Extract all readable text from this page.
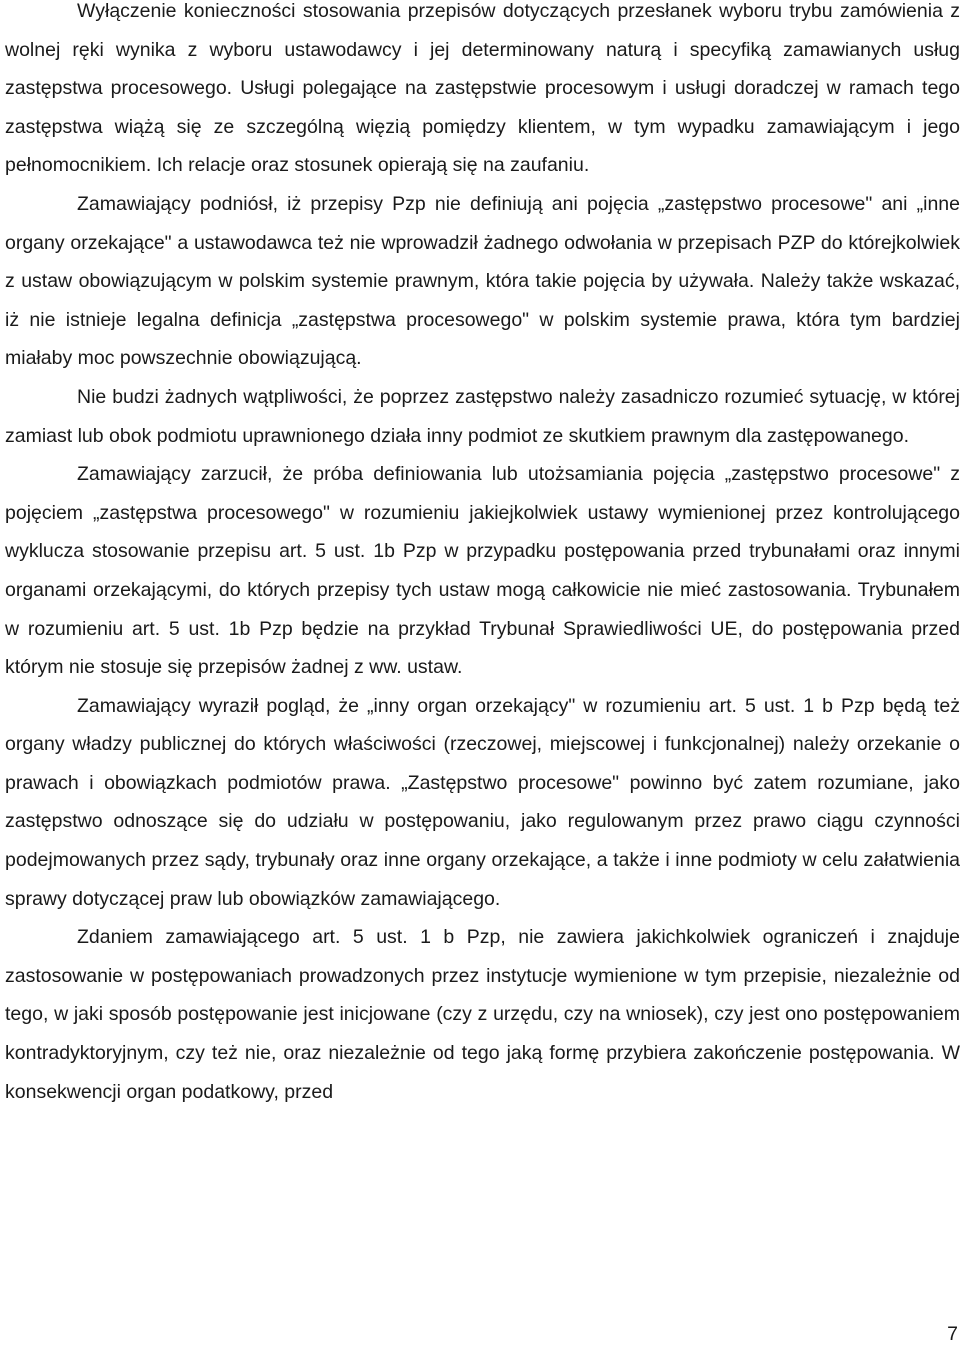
Wyłączenie konieczności stosowania przepisów dotyczących przesłanek wyboru trybu zamówienia z wolnej ręki wynika z wyboru ustawodawcy i jej determinowany naturą i specyfiką zamawianych usług zastępstwa procesowego. Usługi polegające na zastępstwie procesowym i usługi doradczej w ramach tego zastępstwa wiążą się ze szczególną więzią pomiędzy klientem, w tym wypadku zamawiającym i jego pełnomocnikiem. Ich relacje oraz stosunek opierają się na zaufaniu.

Zamawiający podniósł, iż przepisy Pzp nie definiują ani pojęcia „zastępstwo procesowe" ani „inne organy orzekające" a ustawodawca też nie wprowadził żadnego odwołania w przepisach PZP do którejkolwiek z ustaw obowiązującym w polskim systemie prawnym, która takie pojęcia by używała. Należy także wskazać, iż nie istnieje legalna definicja „zastępstwa procesowego" w polskim systemie prawa, która tym bardziej miałaby moc powszechnie obowiązującą.

Nie budzi żadnych wątpliwości, że poprzez zastępstwo należy zasadniczo rozumieć sytuację, w której zamiast lub obok podmiotu uprawnionego działa inny podmiot ze skutkiem prawnym dla zastępowanego.

Zamawiający zarzucił, że próba definiowania lub utożsamiania pojęcia „zastępstwo procesowe" z pojęciem „zastępstwa procesowego" w rozumieniu jakiejkolwiek ustawy wymienionej przez kontrolującego wyklucza stosowanie przepisu art. 5 ust. 1b Pzp w przypadku postępowania przed trybunałami oraz innymi organami orzekającymi, do których przepisy tych ustaw mogą całkowicie nie mieć zastosowania. Trybunałem w rozumieniu art. 5 ust. 1b Pzp będzie na przykład Trybunał Sprawiedliwości UE, do postępowania przed którym nie stosuje się przepisów żadnej z ww. ustaw.

Zamawiający wyraził pogląd, że „inny organ orzekający" w rozumieniu art. 5 ust. 1 b Pzp będą też organy władzy publicznej do których właściwości (rzeczowej, miejscowej i funkcjonalnej) należy orzekanie o prawach i obowiązkach podmiotów prawa. „Zastępstwo procesowe" powinno być zatem rozumiane, jako zastępstwo odnoszące się do udziału w postępowaniu, jako regulowanym przez prawo ciągu czynności podejmowanych przez sądy, trybunały oraz inne organy orzekające, a także i inne podmioty w celu załatwienia sprawy dotyczącej praw lub obowiązków zamawiającego.

Zdaniem zamawiającego art. 5 ust. 1 b Pzp, nie zawiera jakichkolwiek ograniczeń i znajduje zastosowanie w postępowaniach prowadzonych przez instytucje wymienione w tym przepisie, niezależnie od tego, w jaki sposób postępowanie jest inicjowane (czy z urzędu, czy na wniosek), czy jest ono postępowaniem kontradyktoryjnym, czy też nie, oraz niezależnie od tego jaką formę przybiera zakończenie postępowania. W konsekwencji organ podatkowy, przed

7
